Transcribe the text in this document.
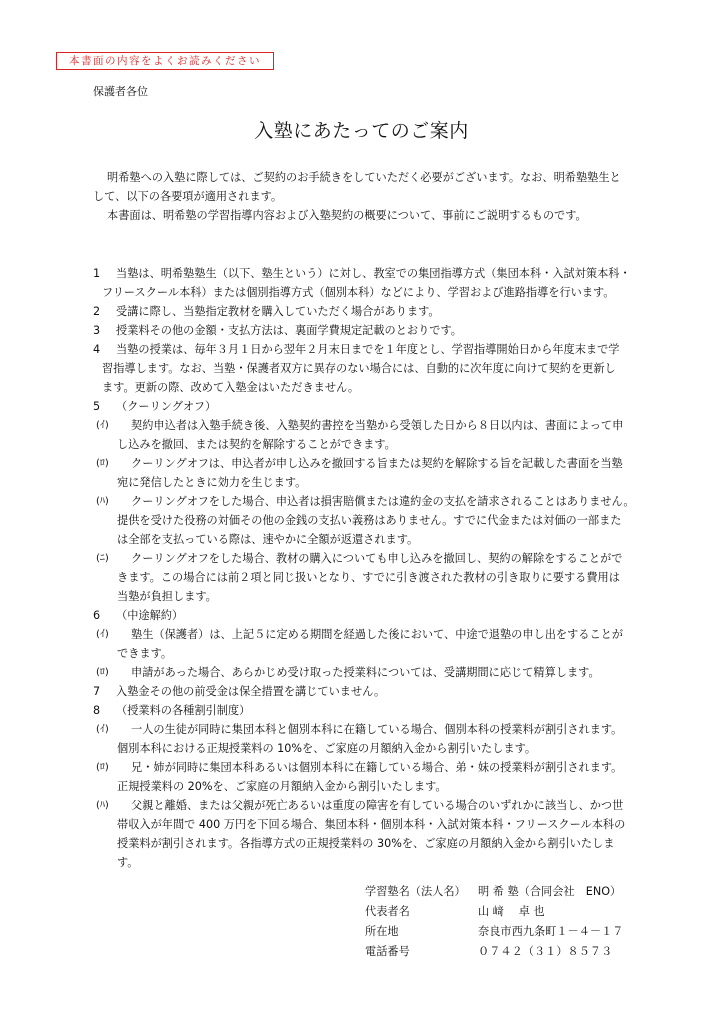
本書面の内容をよくお読みください
保護者各位
入塾にあたってのご案内

明希塾への入塾に際しては、ご契約のお手続きをしていただく必要がございます。なお、明希塾塾生と

して、以下の各要項が適用されます。

本書面は、明希塾の学習指導内容および入塾契約の概要について、事前にご説明するものです。

1 当塾は、明希塾塾生（以下、塾生という）に対し、教室での集団指導方式（集団本科・入試対策本科・
フリースクール本科）または個別指導方式（個別本科）などにより、学習および進路指導を行います。
2 受講に際し、当塾指定教材を購入していただく場合があります。
3 授業料その他の金額・支払方法は、裏面学費規定記載のとおりです。
4 当塾の授業は、毎年３月１日から翌年２月末日までを１年度とし、学習指導開始日から年度末まで学
習指導します。なお、当塾・保護者双方に異存のない場合には、自動的に次年度に向けて契約を更新し
ます。更新の際、改めて入塾金はいただきません。
5 （クーリングオフ）
(ｲ) 契約申込者は入塾手続き後、入塾契約書控を当塾から受領した日から８日以内は、書面によって申
し込みを撤回、または契約を解除することができます。
(ﾛ) クーリングオフは、申込者が申し込みを撤回する旨または契約を解除する旨を記載した書面を当塾
宛に発信したときに効力を生じます。
(ﾊ) クーリングオフをした場合、申込者は損害賠償または違約金の支払を請求されることはありません。
提供を受けた役務の対価その他の金銭の支払い義務はありません。すでに代金または対価の一部また
は全部を支払っている際は、速やかに全額が返還されます。
(ﾆ) クーリングオフをした場合、教材の購入についても申し込みを撤回し、契約の解除をすることがで
きます。この場合には前２項と同じ扱いとなり、すでに引き渡された教材の引き取りに要する費用は
当塾が負担します。
6 （中途解約）
(ｲ) 塾生（保護者）は、上記５に定める期間を経過した後において、中途で退塾の申し出をすることが
できます。
(ﾛ) 申請があった場合、あらかじめ受け取った授業料については、受講期間に応じて精算します。
7 入塾金その他の前受金は保全措置を講じていません。
8 （授業料の各種割引制度）
(ｲ) 一人の生徒が同時に集団本科と個別本科に在籍している場合、個別本科の授業料が割引されます。
個別本科における正規授業料の 10%を、ご家庭の月額納入金から割引いたします。
(ﾛ) 兄・姉が同時に集団本科あるいは個別本科に在籍している場合、弟・妹の授業料が割引されます。
正規授業料の 20%を、ご家庭の月額納入金から割引いたします。
(ﾊ) 父親と離婚、または父親が死亡あるいは重度の障害を有している場合のいずれかに該当し、かつ世
帯収入が年間で 400 万円を下回る場合、集団本科・個別本科・入試対策本科・フリースクール本科の
授業料が割引されます。各指導方式の正規授業料の 30%を、ご家庭の月額納入金から割引いたします。
学習塾名（法人名）	明 希 塾（合同会社　ENO）
代表者名	山 﨑　 卓 也
所在地	奈良市西九条町１－４－１７
電話番号	０７４２（３１）８５７３
